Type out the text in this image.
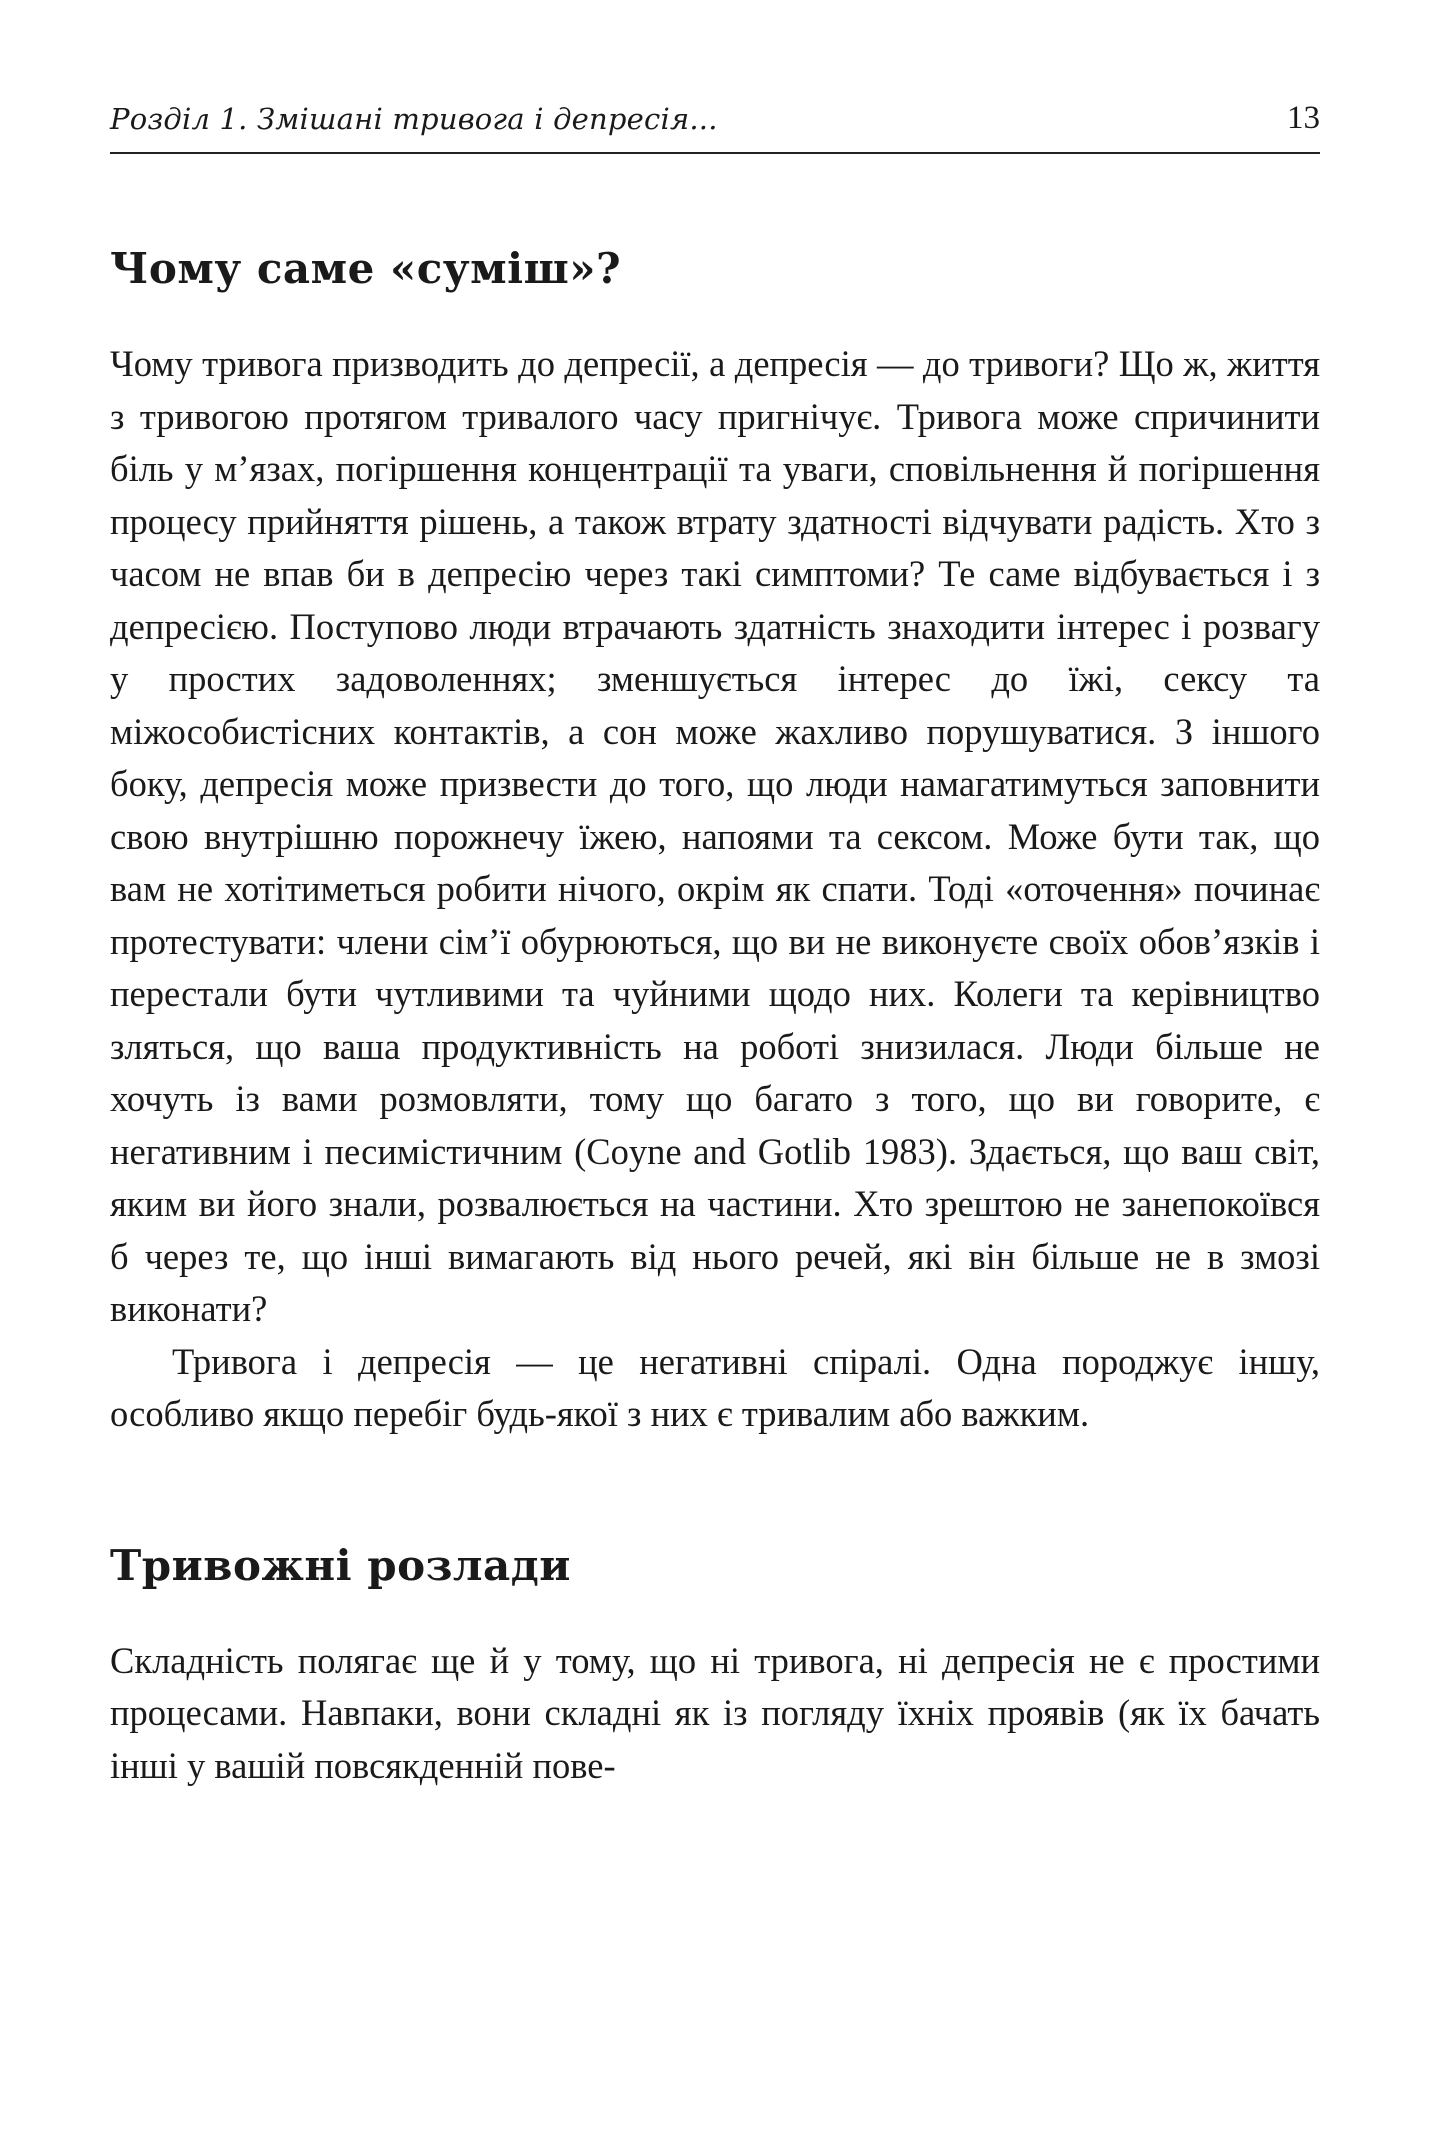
Розділ 1. Змішані тривога і депресія...	13
Чому саме «суміш»?

Чому тривога призводить до депресії, а депресія — до тривоги? Що ж, життя з тривогою протягом тривалого часу пригнічує. Тривога може спричинити біль у м’язах, погіршення концентрації та уваги, сповільнення й погіршення процесу прийняття рішень, а також втрату здатності відчувати радість. Хто з часом не впав би в депресію через такі симптоми? Те саме відбувається і з депресією. Поступово люди втрачають здатність знаходити інтерес і розвагу у простих задоволеннях; зменшується інтерес до їжі, сексу та міжособистісних контактів, а сон може жахливо порушуватися. З іншого боку, депресія може призвести до того, що люди намагатимуться заповнити свою внутрішню порожнечу їжею, напоями та сексом. Може бути так, що вам не хотітиметься робити нічого, окрім як спати. Тоді «оточення» починає протестувати: члени сім’ї обурюються, що ви не виконуєте своїх обов’язків і перестали бути чутливими та чуйними щодо них. Колеги та керівництво зляться, що ваша продуктивність на роботі знизилася. Люди більше не хочуть із вами розмовляти, тому що багато з того, що ви говорите, є негативним і песимістичним (Coyne and Gotlib 1983). Здається, що ваш світ, яким ви його знали, розвалюється на частини. Хто зрештою не занепокоївся б через те, що інші вимагають від нього речей, які він більше не в змозі виконати?

Тривога і депресія — це негативні спіралі. Одна породжує іншу, особливо якщо перебіг будь-якої з них є тривалим або важким.

Тривожні розлади

Складність полягає ще й у тому, що ні тривога, ні депресія не є простими процесами. Навпаки, вони складні як із погляду їхніх проявів (як їх бачать інші у вашій повсякденній пове-
